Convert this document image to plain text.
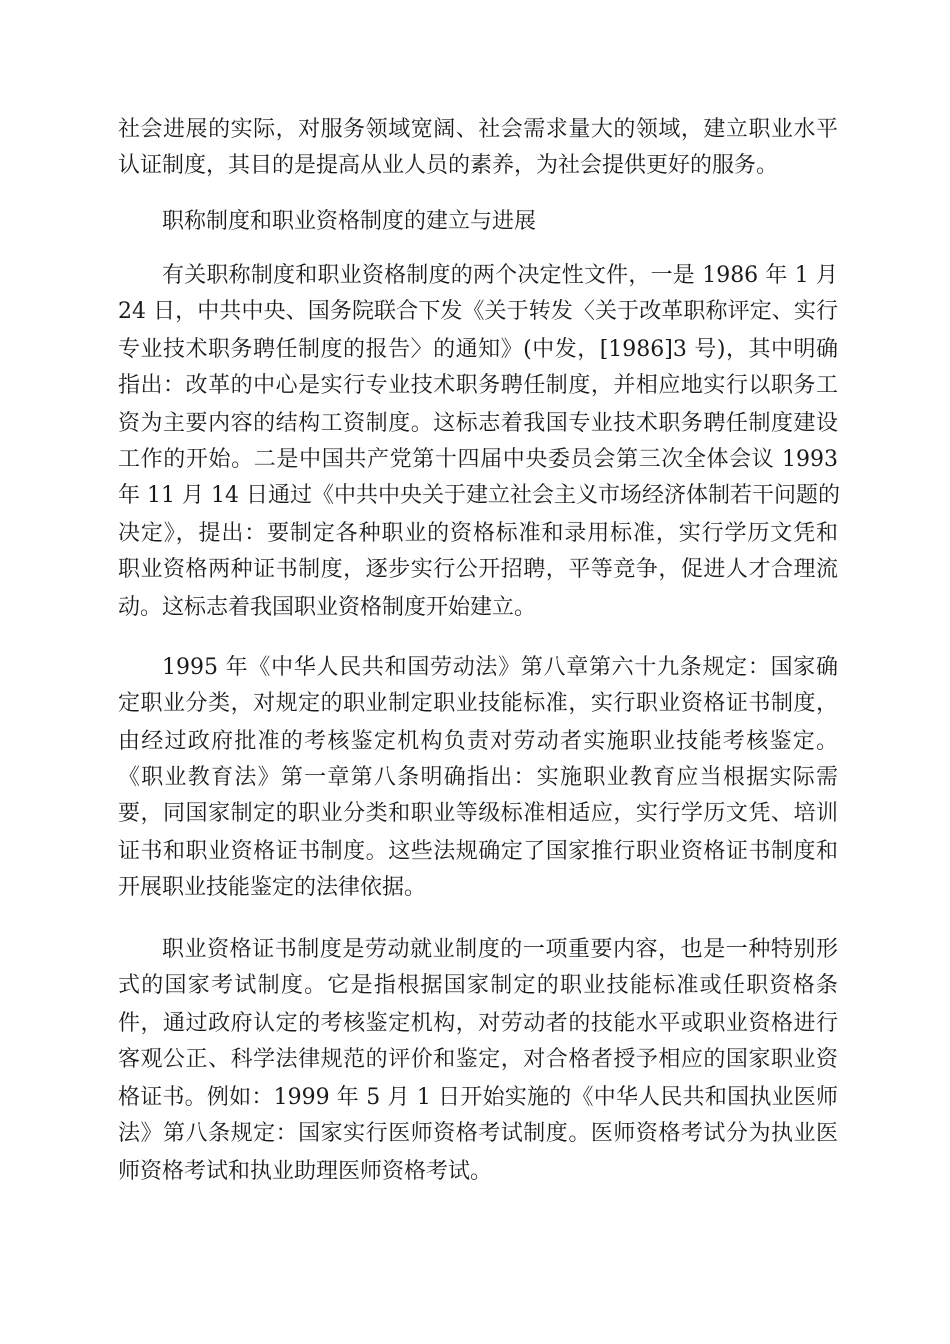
社会进展的实际，对服务领域宽阔、社会需求量大的领域，建立职业水平
认证制度，其目的是提高从业人员的素养，为社会提供更好的服务。
职称制度和职业资格制度的建立与进展
有关职称制度和职业资格制度的两个决定性文件，一是 1986 年 1 月
24 日，中共中央、国务院联合下发《关于转发〈关于改革职称评定、实行
专业技术职务聘任制度的报告〉的通知》(中发，[1986]3 号)，其中明确
指出：改革的中心是实行专业技术职务聘任制度，并相应地实行以职务工
资为主要内容的结构工资制度。这标志着我国专业技术职务聘任制度建设
工作的开始。二是中国共产党第十四届中央委员会第三次全体会议 1993
年 11 月 14 日通过《中共中央关于建立社会主义市场经济体制若干问题的
决定》，提出：要制定各种职业的资格标准和录用标准，实行学历文凭和
职业资格两种证书制度，逐步实行公开招聘，平等竞争，促进人才合理流
动。这标志着我国职业资格制度开始建立。
1995 年《中华人民共和国劳动法》第八章第六十九条规定：国家确
定职业分类，对规定的职业制定职业技能标准，实行职业资格证书制度，
由经过政府批准的考核鉴定机构负责对劳动者实施职业技能考核鉴定。
《职业教育法》第一章第八条明确指出：实施职业教育应当根据实际需
要，同国家制定的职业分类和职业等级标准相适应，实行学历文凭、培训
证书和职业资格证书制度。这些法规确定了国家推行职业资格证书制度和
开展职业技能鉴定的法律依据。
职业资格证书制度是劳动就业制度的一项重要内容，也是一种特别形
式的国家考试制度。它是指根据国家制定的职业技能标准或任职资格条
件，通过政府认定的考核鉴定机构，对劳动者的技能水平或职业资格进行
客观公正、科学法律规范的评价和鉴定，对合格者授予相应的国家职业资
格证书。例如：1999 年 5 月 1 日开始实施的《中华人民共和国执业医师
法》第八条规定：国家实行医师资格考试制度。医师资格考试分为执业医
师资格考试和执业助理医师资格考试。
